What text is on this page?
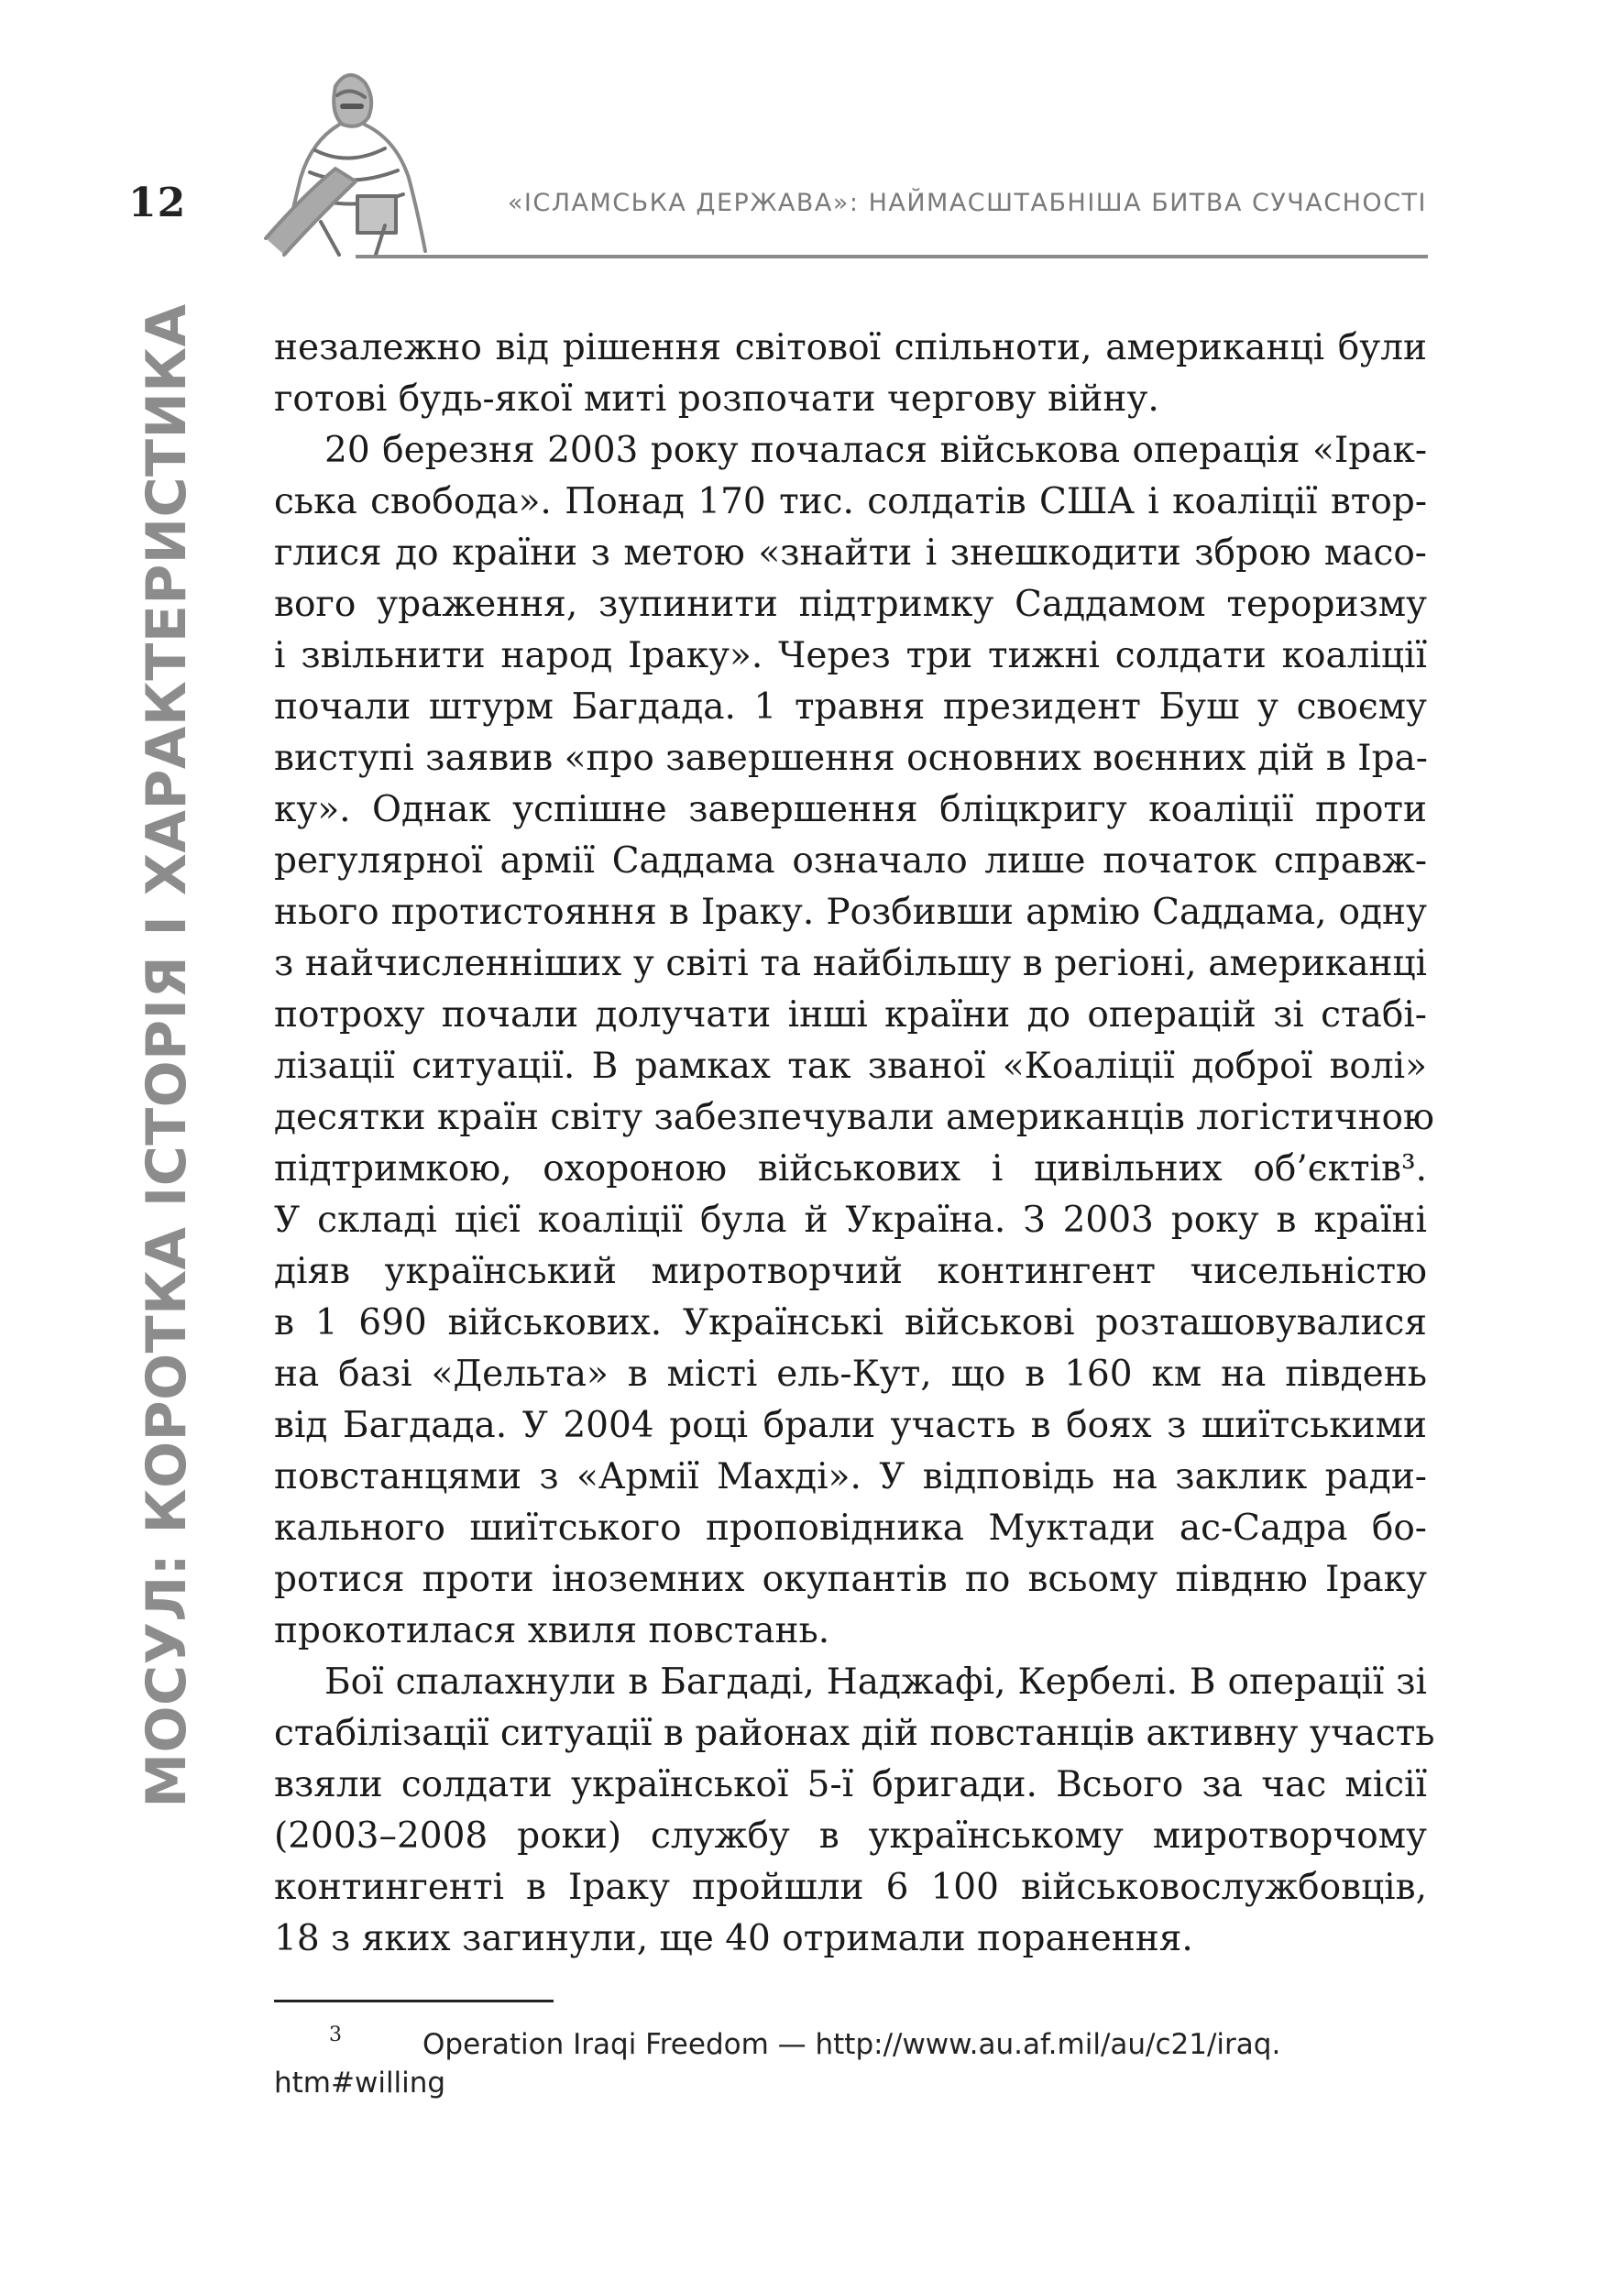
12	«ІСЛАМСЬКА ДЕРЖАВА»: НАЙМАСШТАБНІША БИТВА СУЧАСНОСТІ
МОСУЛ: КОРОТКА ІСТОРІЯ І ХАРАКТЕРИСТИКА незалежно від рішення світової спільноти, американці були
готові будь-якої миті розпочати чергову війну.
20 березня 2003 року почалася військова операція «Ірак-
ська свобода». Понад 170 тис. солдатів США і коаліції втор-
глися до країни з метою «знайти і знешкодити зброю масо-
вого ураження, зупинити підтримку Саддамом тероризму
і звільнити народ Іраку». Через три тижні солдати коаліції
почали штурм Багдада. 1 травня президент Буш у своєму
виступі заявив «про завершення основних воєнних дій в Іра-
ку». Однак успішне завершення бліцкригу коаліції проти
регулярної армії Саддама означало лише початок справж-
нього протистояння в Іраку. Розбивши армію Саддама, одну
з найчисленніших у світі та найбільшу в регіоні, американці
потроху почали долучати інші країни до операцій зі стабі-
лізації ситуації. В рамках так званої «Коаліції доброї волі»
десятки країн світу забезпечували американців логістичною
підтримкою, охороною військових і цивільних об’єктів³.
У складі цієї коаліції була й Україна. З 2003 року в країні
діяв український миротворчий контингент чисельністю
в 1 690 військових. Українські військові розташовувалися
на базі «Дельта» в місті ель-Кут, що в 160 км на південь
від Багдада. У 2004 році брали участь в боях з шиїтськими
повстанцями з «Армії Махді». У відповідь на заклик ради-
кального шиїтського проповідника Муктади ас-Садра бо-
ротися проти іноземних окупантів по всьому півдню Іраку
прокотилася хвиля повстань.
Бої спалахнули в Багдаді, Наджафі, Кербелі. В операції зі
стабілізації ситуації в районах дій повстанців активну участь
взяли солдати української 5-ї бригади. Всього за час місії
(2003–2008 роки) службу в українському миротворчому
контингенті в Іраку пройшли 6 100 військовослужбовців,
18 з яких загинули, ще 40 отримали поранення.
3	Operation Iraqi Freedom — http://www.au.af.mil/au/c21/iraq.
htm#willing
